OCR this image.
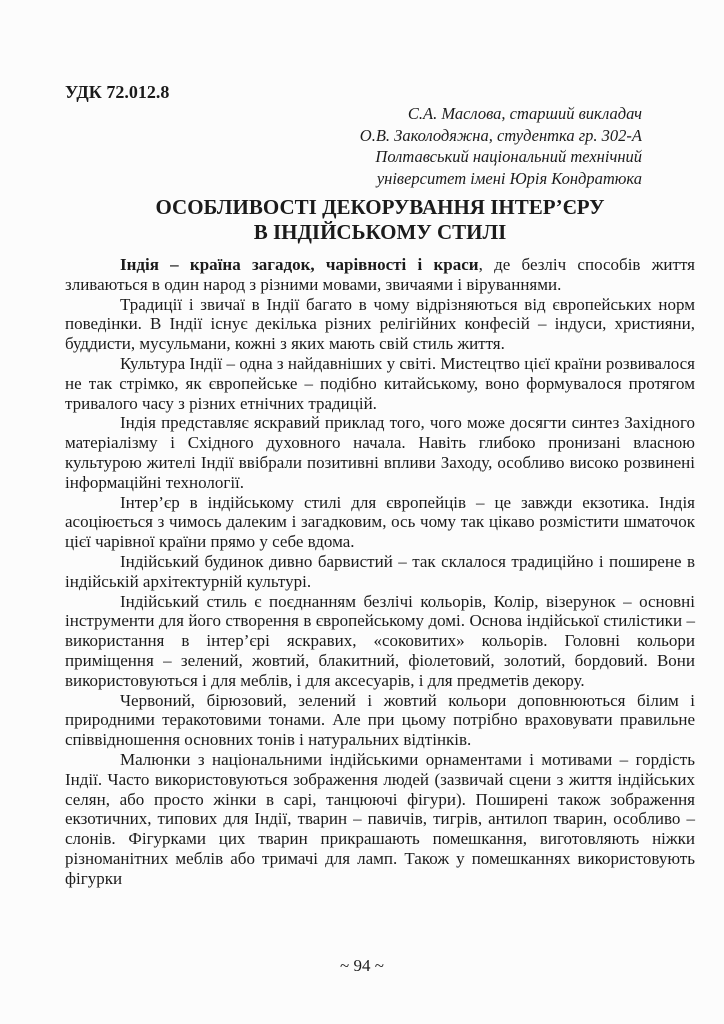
УДК 72.012.8
С.А. Маслова, старший викладач
О.В. Заколодяжна, студентка гр. 302-А
Полтавський національний технічний
університет імені Юрія Кондратюка
ОСОБЛИВОСТІ ДЕКОРУВАННЯ ІНТЕР’ЄРУ
В ІНДІЙСЬКОМУ СТИЛІ

Індія – країна загадок, чарівності і краси, де безліч способів життя зливаються в один народ з різними мовами, звичаями і віруваннями.

Традиції і звичаї в Індії багато в чому відрізняються від європейських норм поведінки. В Індії існує декілька різних релігійних конфесій – індуси, християни, буддисти, мусульмани, кожні з яких мають свій стиль життя.

Культура Індії – одна з найдавніших у світі. Мистецтво цієї країни розвивалося не так стрімко, як європейське – подібно китайському, воно формувалося протягом тривалого часу з різних етнічних традицій.

Індія представляє яскравий приклад того, чого може досягти синтез Західного матеріалізму і Східного духовного начала. Навіть глибоко пронизані власною культурою жителі Індії ввібрали позитивні впливи Заходу, особливо високо розвинені інформаційні технології.

Інтер’єр в індійському стилі для європейців – це завжди екзотика. Індія асоціюється з чимось далеким і загадковим, ось чому так цікаво розмістити шматочок цієї чарівної країни прямо у себе вдома.

Індійський будинок дивно барвистий – так склалося традиційно і поширене в індійській архітектурній культурі.

Індійський стиль є поєднанням безлічі кольорів, Колір, візерунок – основні інструменти для його створення в європейському домі. Основа індійської стилістики – використання в інтер’єрі яскравих, «соковитих» кольорів. Головні кольори приміщення – зелений, жовтий, блакитний, фіолетовий, золотий, бордовий. Вони використовуються і для меблів, і для аксесуарів, і для предметів декору.

Червоний, бірюзовий, зелений і жовтий кольори доповнюються білим і природними теракотовими тонами. Але при цьому потрібно враховувати правильне співвідношення основних тонів і натуральних відтінків.

Малюнки з національними індійськими орнаментами і мотивами – гордість Індії. Часто використовуються зображення людей (зазвичай сцени з життя індійських селян, або просто жінки в сарі, танцюючі фігури). Поширені також зображення екзотичних, типових для Індії, тварин – павичів, тигрів, антилоп тварин, особливо – слонів. Фігурками цих тварин прикрашають помешкання, виготовляють ніжки різноманітних меблів або тримачі для ламп. Також у помешканнях використовують фігурки

~ 94 ~
